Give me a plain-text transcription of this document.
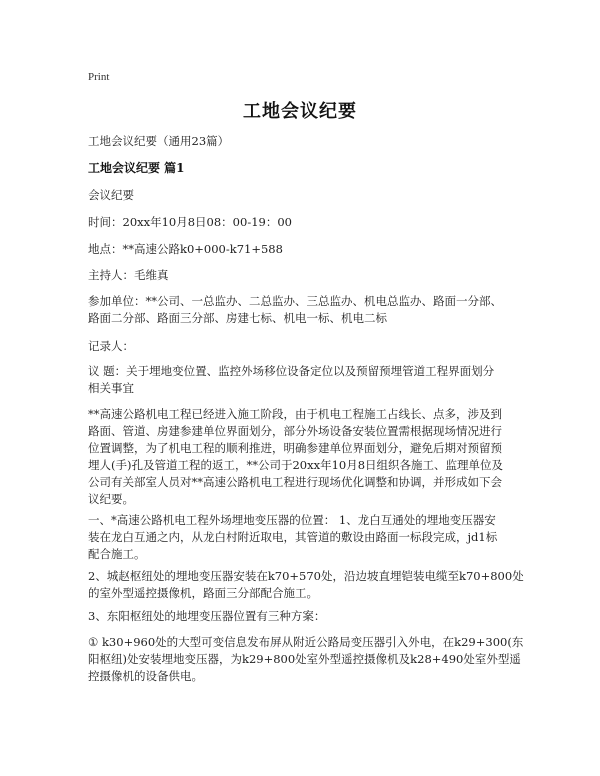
Print
工地会议纪要
工地会议纪要（通用23篇）
工地会议纪要 篇1
会议纪要
时间：20xx年10月8日08：00-19：00
地点：**高速公路k0+000-k71+588
主持人：毛维真
参加单位：**公司、一总监办、二总监办、三总监办、机电总监办、路面一分部、
路面二分部、路面三分部、房建七标、机电一标、机电二标
记录人：
议 题：关于埋地变位置、监控外场移位设备定位以及预留预埋管道工程界面划分
相关事宜
**高速公路机电工程已经进入施工阶段，由于机电工程施工占线长、点多，涉及到
路面、管道、房建参建单位界面划分，部分外场设备安装位置需根据现场情况进行
位置调整，为了机电工程的顺利推进，明确参建单位界面划分，避免后期对预留预
埋人(手)孔及管道工程的返工，**公司于20xx年10月8日组织各施工、监理单位及
公司有关部室人员对**高速公路机电工程进行现场优化调整和协调，并形成如下会
议纪要。
一、*高速公路机电工程外场埋地变压器的位置： 1、龙白互通处的埋地变压器安
装在龙白互通之内，从龙白村附近取电，其管道的敷设由路面一标段完成，jd1标
配合施工。
2、城赵枢纽处的埋地变压器安装在k70+570处，沿边坡直埋铠装电缆至k70+800处
的室外型遥控摄像机，路面三分部配合施工。
3、东阳枢纽处的地埋变压器位置有三种方案：
① k30+960处的大型可变信息发布屏从附近公路局变压器引入外电，在k29+300(东
阳枢纽)处安装埋地变压器，为k29+800处室外型遥控摄像机及k28+490处室外型遥
控摄像机的设备供电。
